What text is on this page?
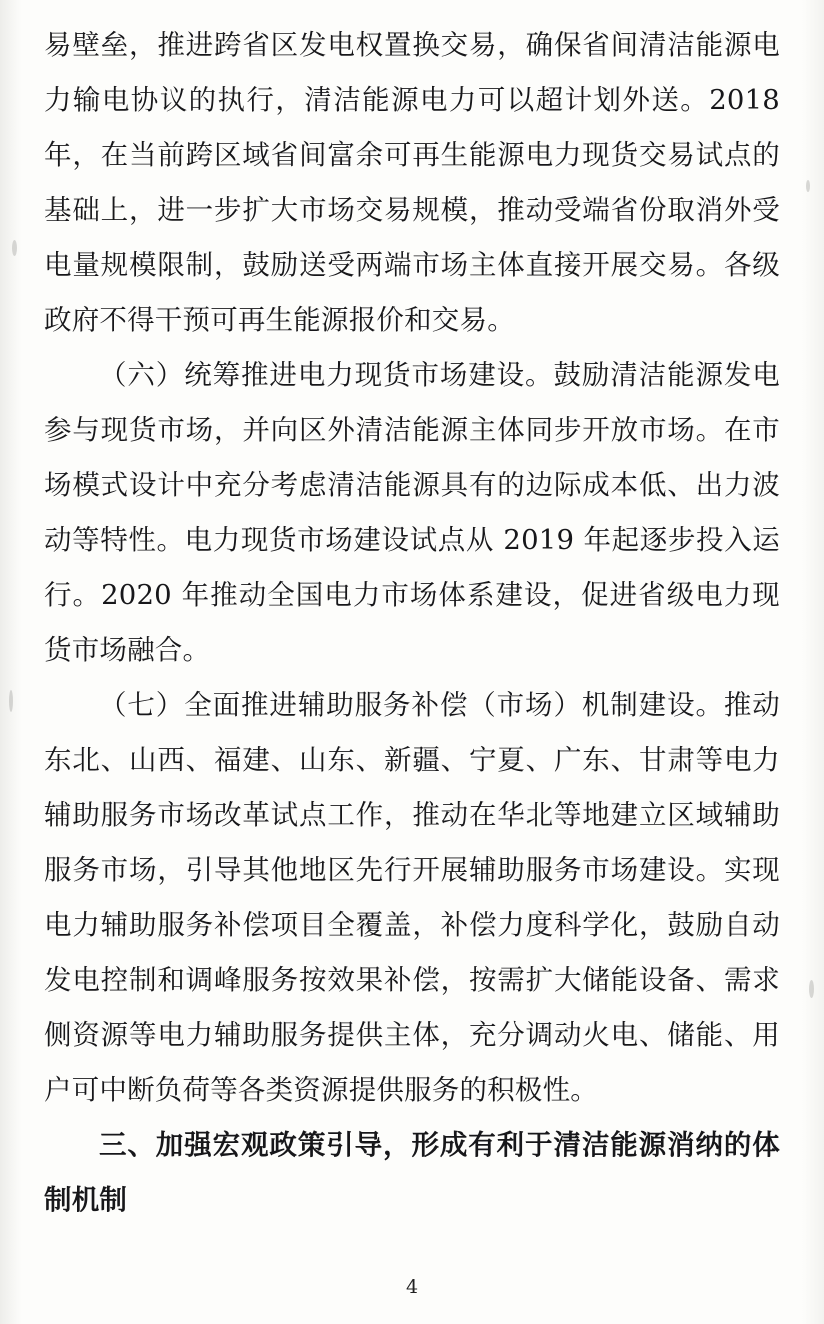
易壁垒，推进跨省区发电权置换交易，确保省间清洁能源电力输电协议的执行，清洁能源电力可以超计划外送。2018 年，在当前跨区域省间富余可再生能源电力现货交易试点的基础上，进一步扩大市场交易规模，推动受端省份取消外受电量规模限制，鼓励送受两端市场主体直接开展交易。各级政府不得干预可再生能源报价和交易。

（六）统筹推进电力现货市场建设。鼓励清洁能源发电参与现货市场，并向区外清洁能源主体同步开放市场。在市场模式设计中充分考虑清洁能源具有的边际成本低、出力波动等特性。电力现货市场建设试点从 2019 年起逐步投入运行。2020 年推动全国电力市场体系建设，促进省级电力现货市场融合。

（七）全面推进辅助服务补偿（市场）机制建设。推动东北、山西、福建、山东、新疆、宁夏、广东、甘肃等电力辅助服务市场改革试点工作，推动在华北等地建立区域辅助服务市场，引导其他地区先行开展辅助服务市场建设。实现电力辅助服务补偿项目全覆盖，补偿力度科学化，鼓励自动发电控制和调峰服务按效果补偿，按需扩大储能设备、需求侧资源等电力辅助服务提供主体，充分调动火电、储能、用户可中断负荷等各类资源提供服务的积极性。

三、加强宏观政策引导，形成有利于清洁能源消纳的体制机制

4
